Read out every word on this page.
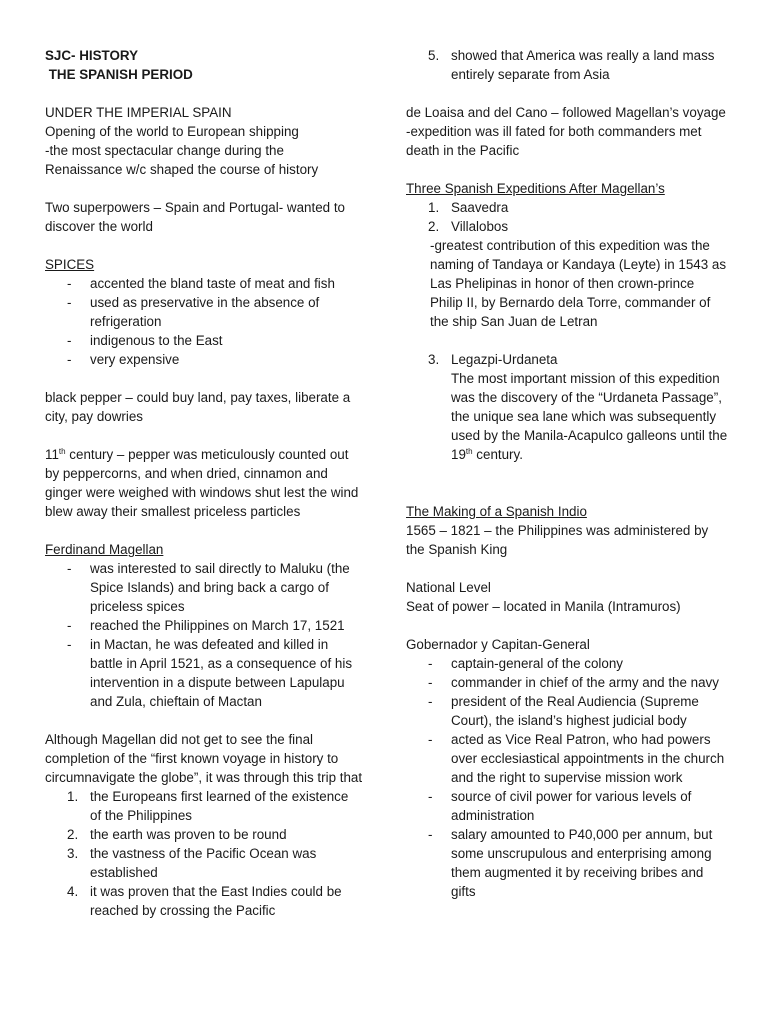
SJC- HISTORY

THE SPANISH PERIOD

UNDER THE IMPERIAL SPAIN

Opening of the world to European shipping

-the most spectacular change during the Renaissance w/c shaped the course of history

Two superpowers – Spain and Portugal- wanted to discover the world

SPICES

- accented the bland taste of meat and fish
- used as preservative in the absence of refrigeration
- indigenous to the East
- very expensive

black pepper – could buy land, pay taxes, liberate a city, pay dowries

11th century – pepper was meticulously counted out by peppercorns, and when dried, cinnamon and ginger were weighed with windows shut lest the wind blew away their smallest priceless particles

Ferdinand Magellan

- was interested to sail directly to Maluku (the Spice Islands) and bring back a cargo of priceless spices
- reached the Philippines on March 17, 1521
- in Mactan, he was defeated and killed in battle in April 1521, as a consequence of his intervention in a dispute between Lapulapu and Zula, chieftain of Mactan

Although Magellan did not get to see the final completion of the “first known voyage in history to circumnavigate the globe”, it was through this trip that

1. the Europeans first learned of the existence of the Philippines
2. the earth was proven to be round
3. the vastness of the Pacific Ocean was established
4. it was proven that the East Indies could be reached by crossing the Pacific
5. showed that America was really a land mass entirely separate from Asia

de Loaisa and del Cano – followed Magellan’s voyage

-expedition was ill fated for both commanders met death in the Pacific

Three Spanish Expeditions After Magellan’s

1. Saavedra
2. Villalobos

-greatest contribution of this expedition was the naming of Tandaya or Kandaya (Leyte) in 1543 as Las Phelipinas in honor of then crown-prince Philip II, by Bernardo dela Torre, commander of the ship San Juan de Letran

3. Legazpi-Urdaneta

The most important mission of this expedition was the discovery of the “Urdaneta Passage”, the unique sea lane which was subsequently used by the Manila-Acapulco galleons until the 19th century.

The Making of a Spanish Indio

1565 – 1821 – the Philippines was administered by the Spanish King

National Level

Seat of power – located in Manila (Intramuros)

Gobernador y Capitan-General

- captain-general of the colony
- commander in chief of the army and the navy
- president of the Real Audiencia (Supreme Court), the island’s highest judicial body
- acted as Vice Real Patron, who had powers over ecclesiastical appointments in the church and the right to supervise mission work
- source of civil power for various levels of administration
- salary amounted to P40,000 per annum, but some unscrupulous and enterprising among them augmented it by receiving bribes and gifts
